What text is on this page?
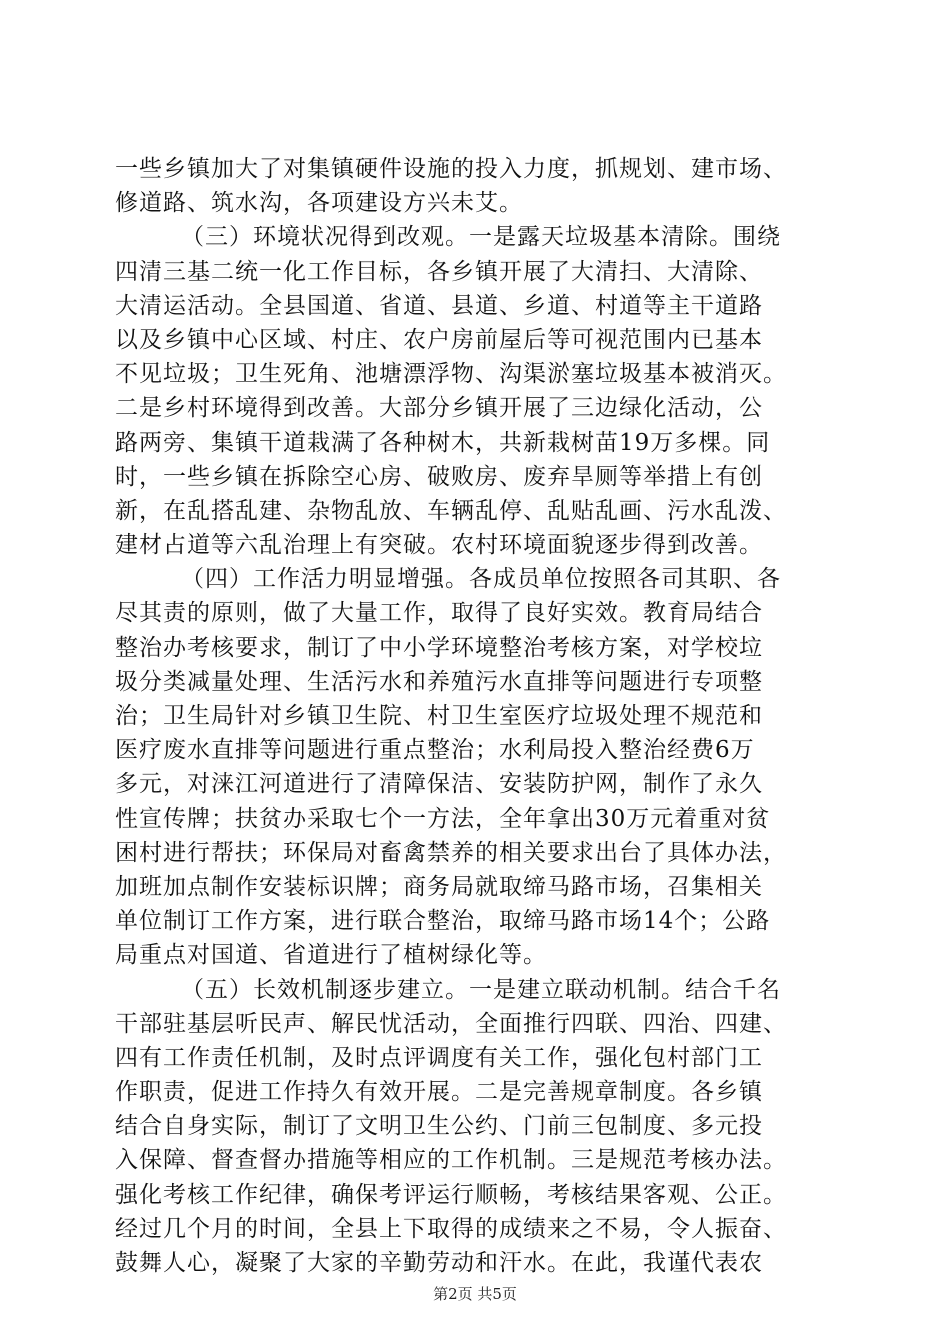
一些乡镇加大了对集镇硬件设施的投入力度，抓规划、建市场、
修道路、筑水沟，各项建设方兴未艾。
（三）环境状况得到改观。一是露天垃圾基本清除。围绕
四清三基二统一化工作目标，各乡镇开展了大清扫、大清除、
大清运活动。全县国道、省道、县道、乡道、村道等主干道路
以及乡镇中心区域、村庄、农户房前屋后等可视范围内已基本
不见垃圾；卫生死角、池塘漂浮物、沟渠淤塞垃圾基本被消灭。
二是乡村环境得到改善。大部分乡镇开展了三边绿化活动，公
路两旁、集镇干道栽满了各种树木，共新栽树苗19万多棵。同
时，一些乡镇在拆除空心房、破败房、废弃旱厕等举措上有创
新，在乱搭乱建、杂物乱放、车辆乱停、乱贴乱画、污水乱泼、
建材占道等六乱治理上有突破。农村环境面貌逐步得到改善。
（四）工作活力明显增强。各成员单位按照各司其职、各
尽其责的原则，做了大量工作，取得了良好实效。教育局结合
整治办考核要求，制订了中小学环境整治考核方案，对学校垃
圾分类减量处理、生活污水和养殖污水直排等问题进行专项整
治；卫生局针对乡镇卫生院、村卫生室医疗垃圾处理不规范和
医疗废水直排等问题进行重点整治；水利局投入整治经费6万
多元，对涞江河道进行了清障保洁、安装防护网，制作了永久
性宣传牌；扶贫办采取七个一方法，全年拿出30万元着重对贫
困村进行帮扶；环保局对畜禽禁养的相关要求出台了具体办法，
加班加点制作安装标识牌；商务局就取缔马路市场，召集相关
单位制订工作方案，进行联合整治，取缔马路市场14个；公路
局重点对国道、省道进行了植树绿化等。
（五）长效机制逐步建立。一是建立联动机制。结合千名
干部驻基层听民声、解民忧活动，全面推行四联、四治、四建、
四有工作责任机制，及时点评调度有关工作，强化包村部门工
作职责，促进工作持久有效开展。二是完善规章制度。各乡镇
结合自身实际，制订了文明卫生公约、门前三包制度、多元投
入保障、督查督办措施等相应的工作机制。三是规范考核办法。
强化考核工作纪律，确保考评运行顺畅，考核结果客观、公正。
经过几个月的时间，全县上下取得的成绩来之不易，令人振奋、
鼓舞人心，凝聚了大家的辛勤劳动和汗水。在此，我谨代表农
第2页 共5页
